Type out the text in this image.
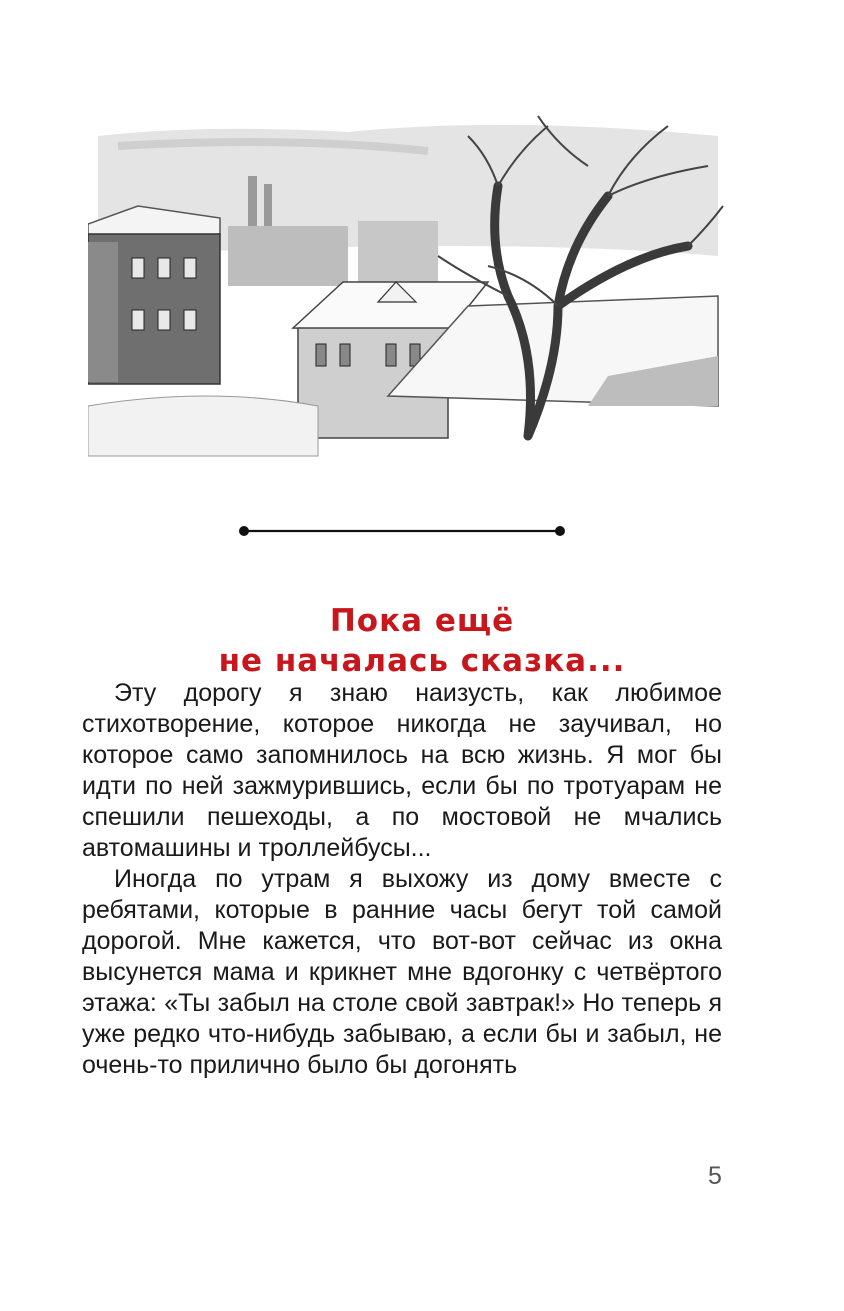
Пока ещё
не началась сказка...

Эту дорогу я знаю наизусть, как любимое стихотворение, которое никогда не заучивал, но которое само запомнилось на всю жизнь. Я мог бы идти по ней зажмурившись, если бы по тротуарам не спешили пешеходы, а по мостовой не мчались автомашины и троллейбусы...

Иногда по утрам я выхожу из дому вместе с ребятами, которые в ранние часы бегут той самой дорогой. Мне кажется, что вот-вот сейчас из окна высунется мама и крикнет мне вдогонку с четвёртого этажа: «Ты забыл на столе свой завтрак!» Но теперь я уже редко что-нибудь забываю, а если бы и забыл, не очень-то прилично было бы догонять

5
